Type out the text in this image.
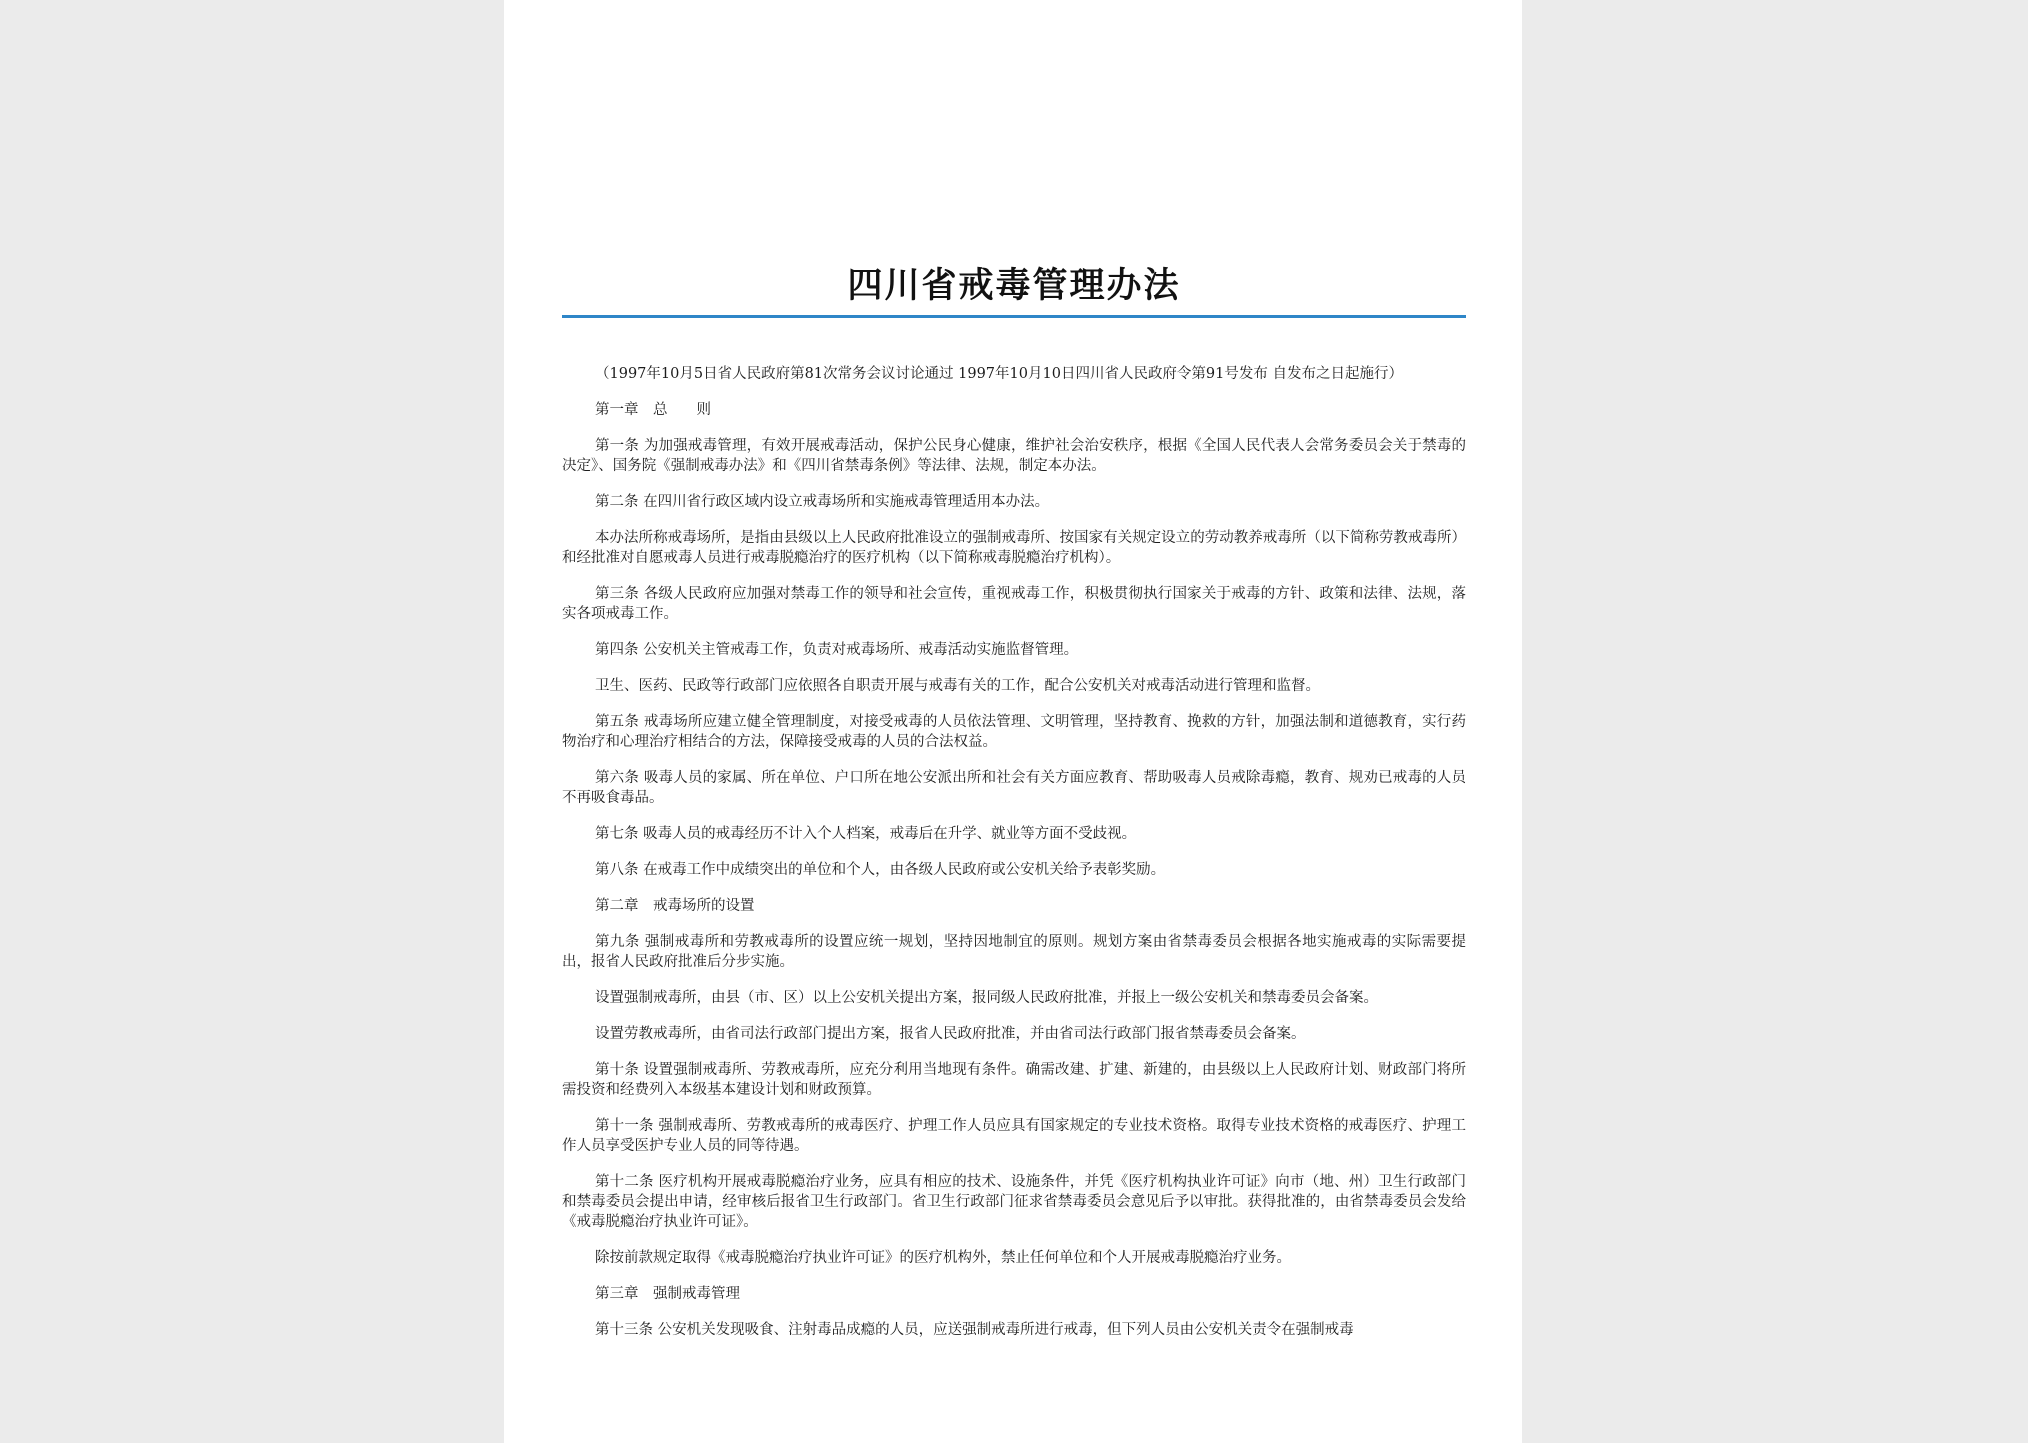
四川省戒毒管理办法

（1997年10月5日省人民政府第81次常务会议讨论通过 1997年10月10日四川省人民政府令第91号发布 自发布之日起施行）

第一章　总　　则

第一条 为加强戒毒管理，有效开展戒毒活动，保护公民身心健康，维护社会治安秩序，根据《全国人民代表人会常务委员会关于禁毒的决定》、国务院《强制戒毒办法》和《四川省禁毒条例》等法律、法规，制定本办法。

第二条 在四川省行政区域内设立戒毒场所和实施戒毒管理适用本办法。

本办法所称戒毒场所，是指由县级以上人民政府批准设立的强制戒毒所、按国家有关规定设立的劳动教养戒毒所（以下简称劳教戒毒所）和经批准对自愿戒毒人员进行戒毒脱瘾治疗的医疗机构（以下简称戒毒脱瘾治疗机构）。

第三条 各级人民政府应加强对禁毒工作的领导和社会宣传，重视戒毒工作，积极贯彻执行国家关于戒毒的方针、政策和法律、法规，落实各项戒毒工作。

第四条 公安机关主管戒毒工作，负责对戒毒场所、戒毒活动实施监督管理。

卫生、医药、民政等行政部门应依照各自职责开展与戒毒有关的工作，配合公安机关对戒毒活动进行管理和监督。

第五条 戒毒场所应建立健全管理制度，对接受戒毒的人员依法管理、文明管理，坚持教育、挽救的方针，加强法制和道德教育，实行药物治疗和心理治疗相结合的方法，保障接受戒毒的人员的合法权益。

第六条 吸毒人员的家属、所在单位、户口所在地公安派出所和社会有关方面应教育、帮助吸毒人员戒除毒瘾，教育、规劝已戒毒的人员不再吸食毒品。

第七条 吸毒人员的戒毒经历不计入个人档案，戒毒后在升学、就业等方面不受歧视。

第八条 在戒毒工作中成绩突出的单位和个人，由各级人民政府或公安机关给予表彰奖励。

第二章　戒毒场所的设置

第九条 强制戒毒所和劳教戒毒所的设置应统一规划，坚持因地制宜的原则。规划方案由省禁毒委员会根据各地实施戒毒的实际需要提出，报省人民政府批准后分步实施。

设置强制戒毒所，由县（市、区）以上公安机关提出方案，报同级人民政府批准，并报上一级公安机关和禁毒委员会备案。

设置劳教戒毒所，由省司法行政部门提出方案，报省人民政府批准，并由省司法行政部门报省禁毒委员会备案。

第十条 设置强制戒毒所、劳教戒毒所，应充分利用当地现有条件。确需改建、扩建、新建的，由县级以上人民政府计划、财政部门将所需投资和经费列入本级基本建设计划和财政预算。

第十一条 强制戒毒所、劳教戒毒所的戒毒医疗、护理工作人员应具有国家规定的专业技术资格。取得专业技术资格的戒毒医疗、护理工作人员享受医护专业人员的同等待遇。

第十二条 医疗机构开展戒毒脱瘾治疗业务，应具有相应的技术、设施条件，并凭《医疗机构执业许可证》向市（地、州）卫生行政部门和禁毒委员会提出申请，经审核后报省卫生行政部门。省卫生行政部门征求省禁毒委员会意见后予以审批。获得批准的，由省禁毒委员会发给《戒毒脱瘾治疗执业许可证》。

除按前款规定取得《戒毒脱瘾治疗执业许可证》的医疗机构外，禁止任何单位和个人开展戒毒脱瘾治疗业务。

第三章　强制戒毒管理

第十三条 公安机关发现吸食、注射毒品成瘾的人员，应送强制戒毒所进行戒毒，但下列人员由公安机关责令在强制戒毒
